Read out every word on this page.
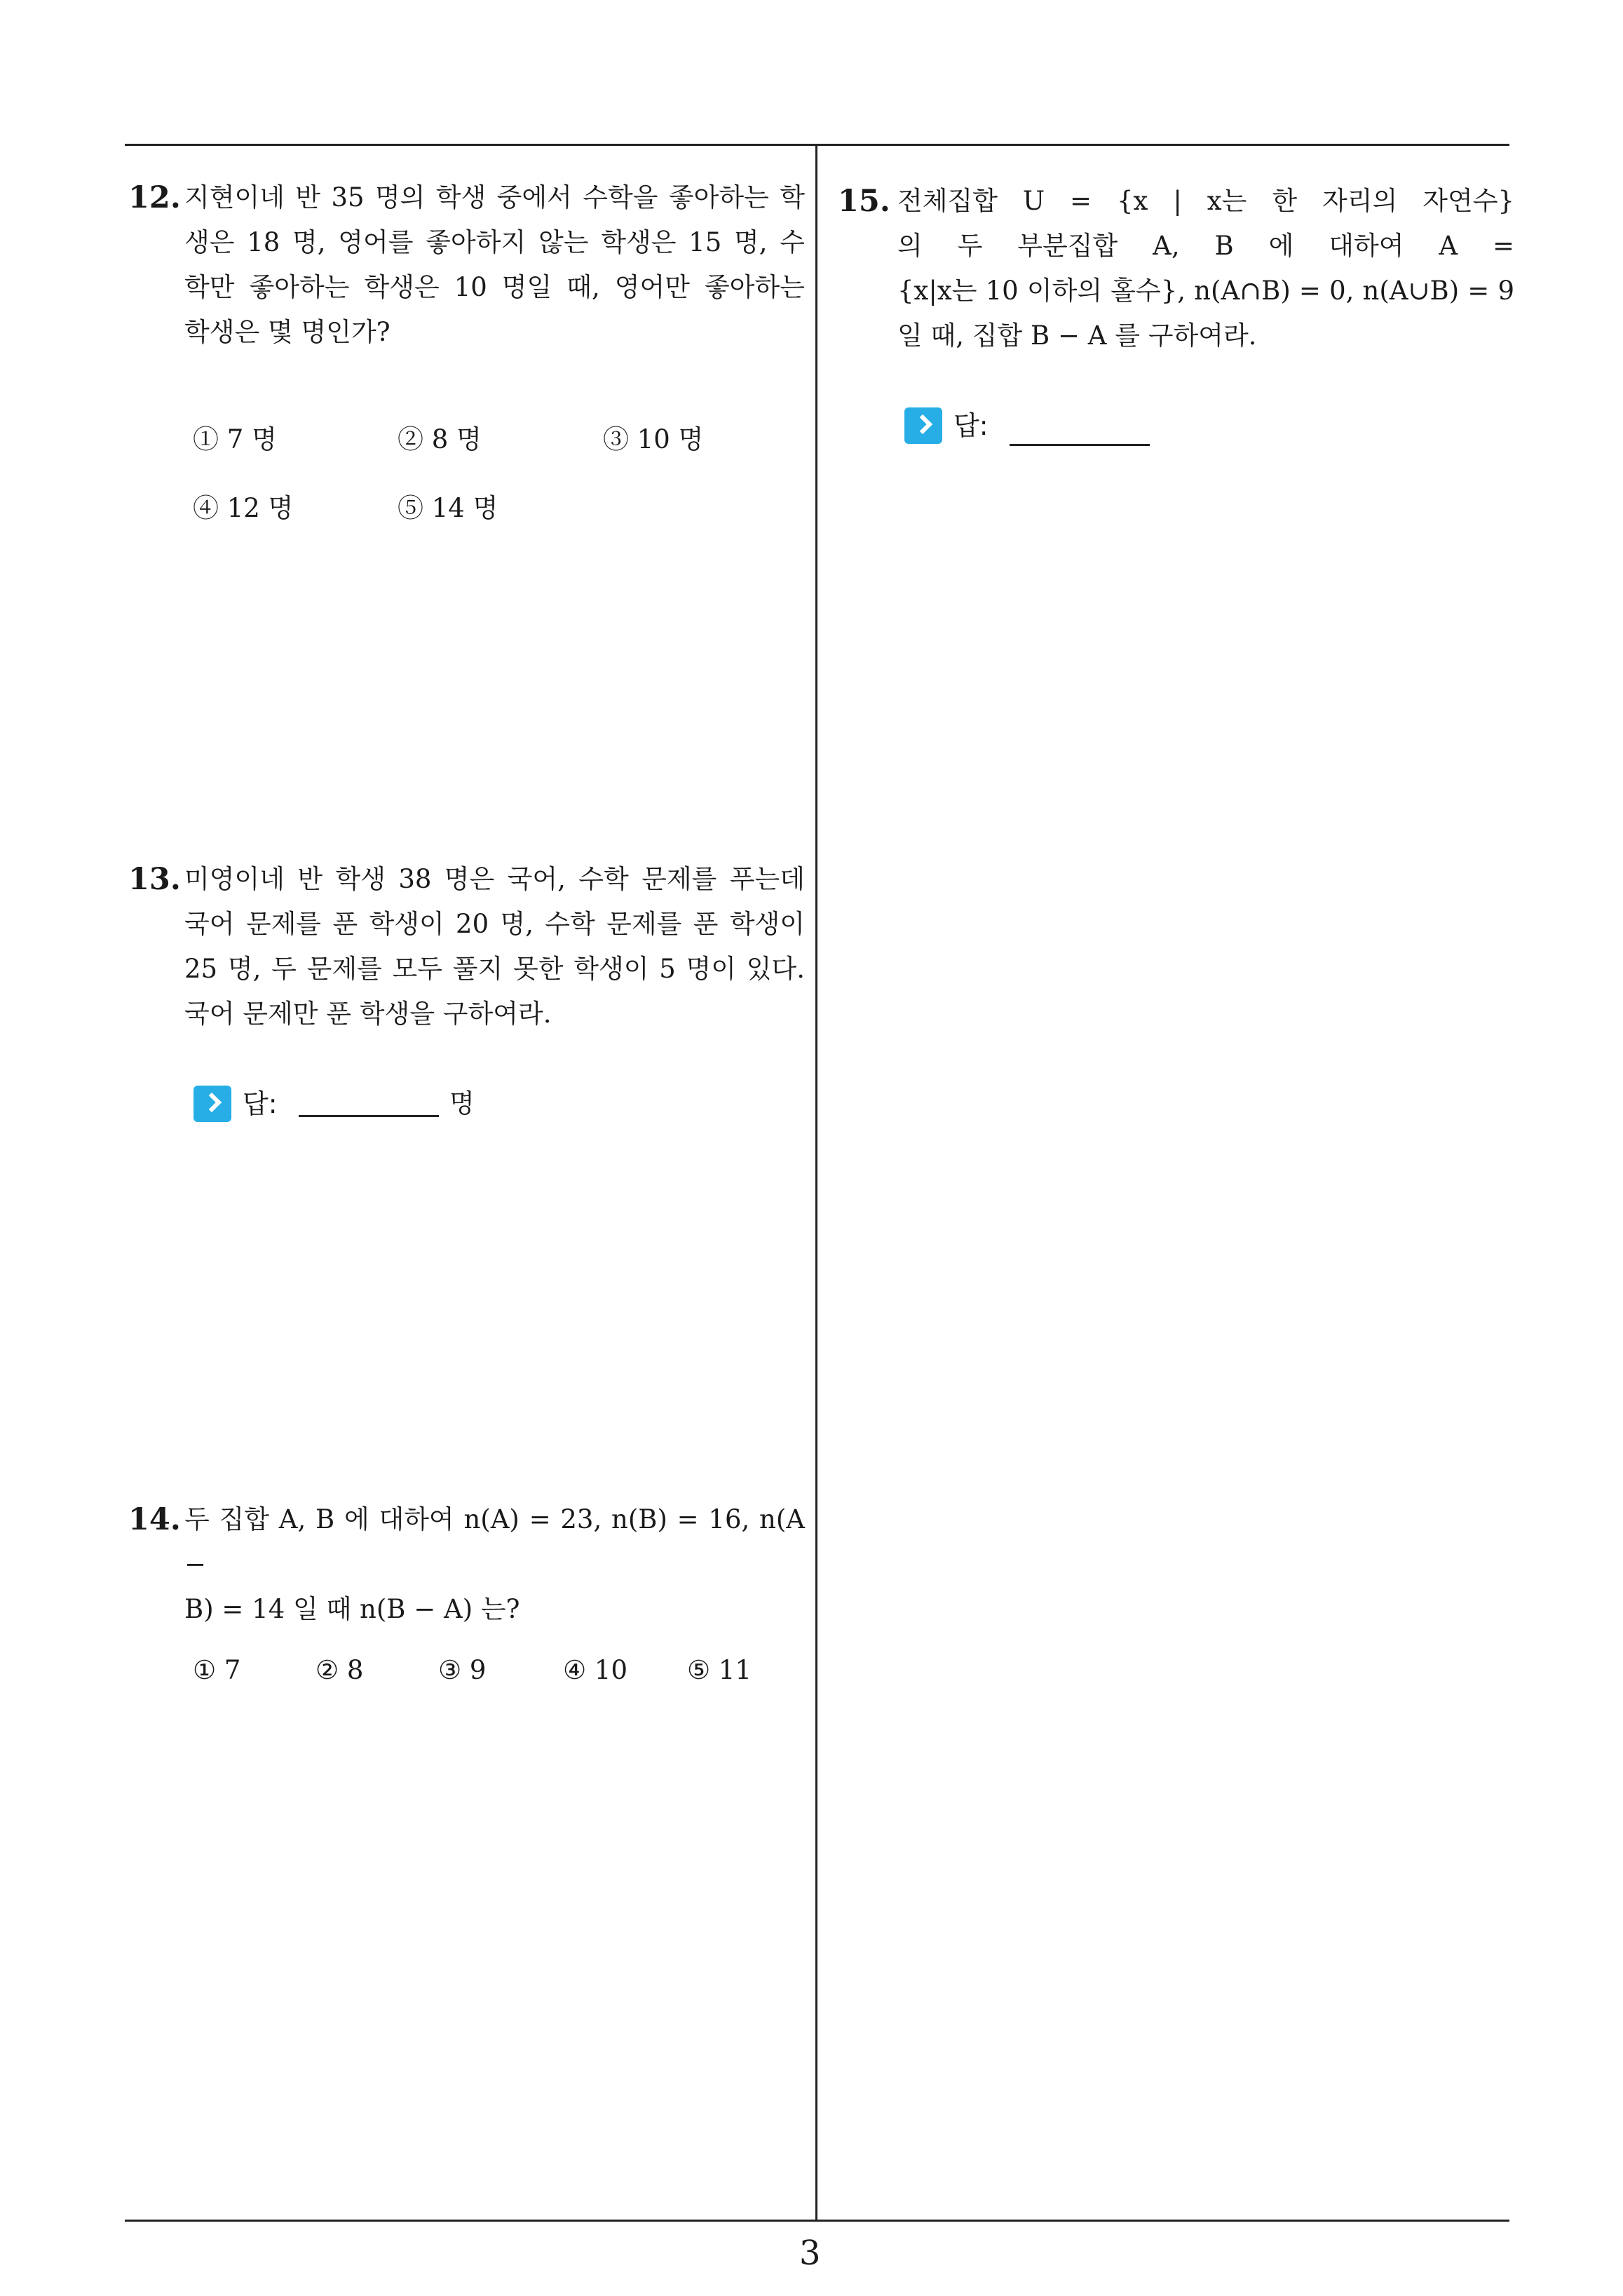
12. 지현이네 반 35 명의 학생 중에서 수학을 좋아하는 학
생은 18 명, 영어를 좋아하지 않는 학생은 15 명, 수
학만 좋아하는 학생은 10 명일 때, 영어만 좋아하는
학생은 몇 명인가?
① 7 명	② 8 명	③ 10 명
④ 12 명	⑤ 14 명
13. 미영이네 반 학생 38 명은 국어, 수학 문제를 푸는데
국어 문제를 푼 학생이 20 명, 수학 문제를 푼 학생이
25 명, 두 문제를 모두 풀지 못한 학생이 5 명이 있다.
국어 문제만 푼 학생을 구하여라.
답:	명
14. 두 집합 A, B 에 대하여 n(A) = 23, n(B) = 16, n(A −
B) = 14 일 때 n(B − A) 는?
① 7	② 8	③ 9	④ 10 ⑤ 11
15. 전체집합 U = {x | x는 한 자리의 자연수}
의 두 부분집합 A, B 에 대하여 A =
{x|x는 10 이하의 홀수}, n(A∩B) = 0, n(A∪B) = 9
일 때, 집합 B − A 를 구하여라.
답:
3
